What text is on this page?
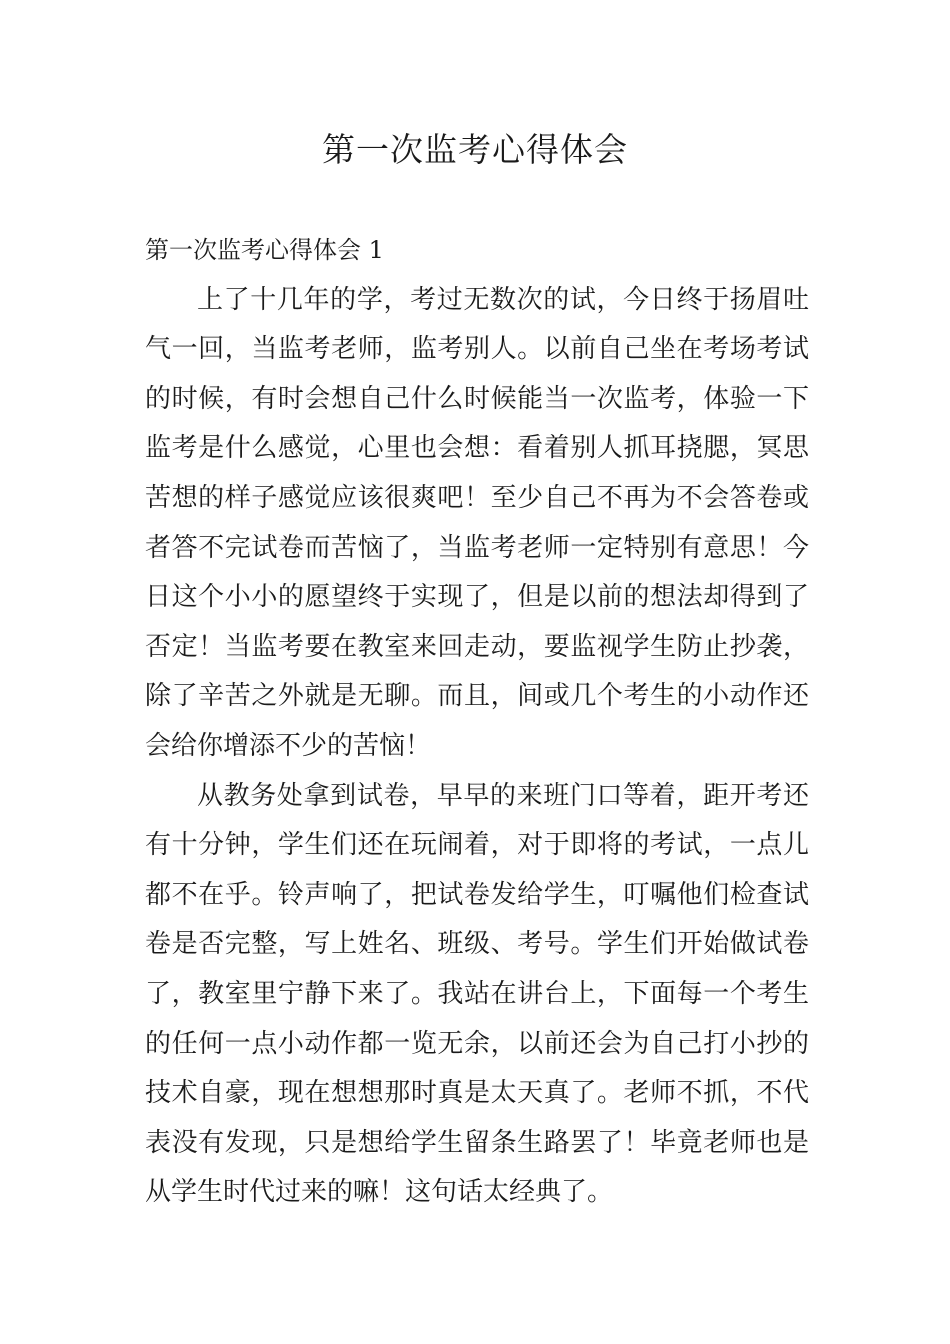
第一次监考心得体会
第一次监考心得体会 1

上了十几年的学，考过无数次的试，今日终于扬眉吐气一回，当监考老师，监考别人。以前自己坐在考场考试的时候，有时会想自己什么时候能当一次监考，体验一下监考是什么感觉，心里也会想：看着别人抓耳挠腮，冥思苦想的样子感觉应该很爽吧！至少自己不再为不会答卷或者答不完试卷而苦恼了，当监考老师一定特别有意思！今日这个小小的愿望终于实现了，但是以前的想法却得到了否定！当监考要在教室来回走动，要监视学生防止抄袭，除了辛苦之外就是无聊。而且，间或几个考生的小动作还会给你增添不少的苦恼！

从教务处拿到试卷，早早的来班门口等着，距开考还有十分钟，学生们还在玩闹着，对于即将的考试，一点儿都不在乎。铃声响了，把试卷发给学生，叮嘱他们检查试卷是否完整，写上姓名、班级、考号。学生们开始做试卷了，教室里宁静下来了。我站在讲台上，下面每一个考生的任何一点小动作都一览无余，以前还会为自己打小抄的技术自豪，现在想想那时真是太天真了。老师不抓，不代表没有发现，只是想给学生留条生路罢了！毕竟老师也是从学生时代过来的嘛！这句话太经典了。
